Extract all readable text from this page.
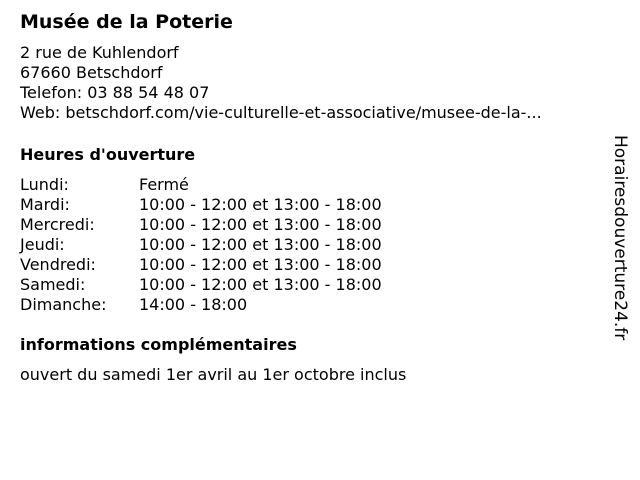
Musée de la Poterie
2 rue de Kuhlendorf
67660 Betschdorf
Telefon: 03 88 54 48 07
Web: betschdorf.com/vie-culturelle-et-associative/musee-de-la-...
Heures d'ouverture
Lundi:	Fermé
Mardi:	10:00 - 12:00 et 13:00 - 18:00
Mercredi:	10:00 - 12:00 et 13:00 - 18:00
Jeudi:	10:00 - 12:00 et 13:00 - 18:00
Vendredi:	10:00 - 12:00 et 13:00 - 18:00
Samedi:	10:00 - 12:00 et 13:00 - 18:00
Dimanche:	14:00 - 18:00
informations complémentaires
ouvert du samedi 1er avril au 1er octobre inclus
Horairesdouverture24.fr
